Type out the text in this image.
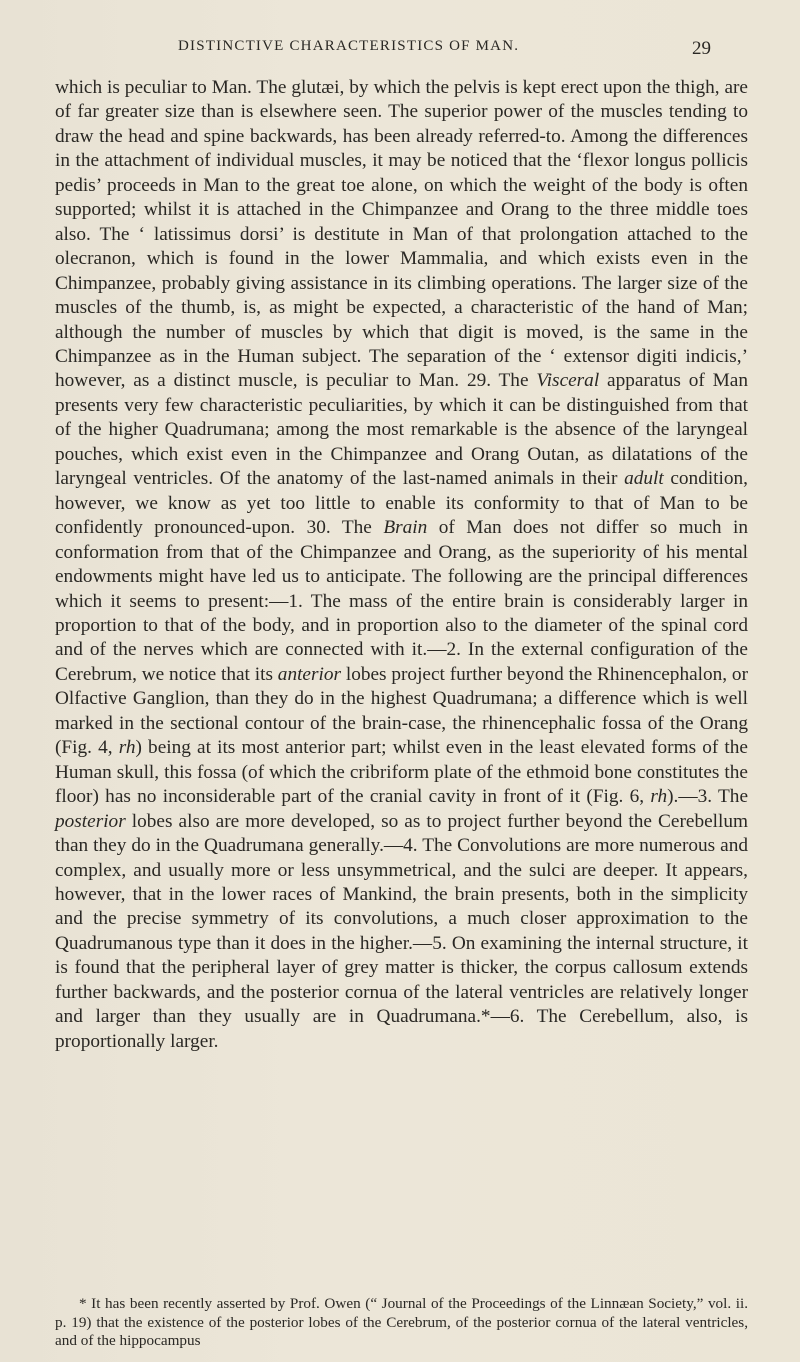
DISTINCTIVE CHARACTERISTICS OF MAN.	29

which is peculiar to Man. The glutæi, by which the pelvis is kept erect upon the thigh, are of far greater size than is elsewhere seen. The superior power of the muscles tending to draw the head and spine backwards, has been already referred-to. Among the differences in the attachment of individual muscles, it may be noticed that the ‘flexor longus pollicis pedis’ proceeds in Man to the great toe alone, on which the weight of the body is often supported; whilst it is attached in the Chimpanzee and Orang to the three middle toes also. The ‘ latissimus dorsi’ is destitute in Man of that prolongation attached to the olecranon, which is found in the lower Mammalia, and which exists even in the Chimpanzee, probably giving assistance in its climbing operations. The larger size of the muscles of the thumb, is, as might be expected, a characteristic of the hand of Man; although the number of muscles by which that digit is moved, is the same in the Chimpanzee as in the Human subject. The separation of the ‘ extensor digiti indicis,’ however, as a distinct muscle, is peculiar to Man. 29. The Visceral apparatus of Man presents very few characteristic peculiarities, by which it can be distinguished from that of the higher Quadrumana; among the most remarkable is the absence of the laryngeal pouches, which exist even in the Chimpanzee and Orang Outan, as dilatations of the laryngeal ventricles. Of the anatomy of the last-named animals in their adult condition, however, we know as yet too little to enable its conformity to that of Man to be confidently pronounced-upon. 30. The Brain of Man does not differ so much in conformation from that of the Chimpanzee and Orang, as the superiority of his mental endowments might have led us to anticipate. The following are the principal differences which it seems to present:—1. The mass of the entire brain is considerably larger in proportion to that of the body, and in proportion also to the diameter of the spinal cord and of the nerves which are connected with it.—2. In the external configuration of the Cerebrum, we notice that its anterior lobes project further beyond the Rhinencephalon, or Olfactive Ganglion, than they do in the highest Quadrumana; a difference which is well marked in the sectional contour of the brain-case, the rhinencephalic fossa of the Orang (Fig. 4, rh) being at its most anterior part; whilst even in the least elevated forms of the Human skull, this fossa (of which the cribriform plate of the ethmoid bone constitutes the floor) has no inconsiderable part of the cranial cavity in front of it (Fig. 6, rh).—3. The posterior lobes also are more developed, so as to project further beyond the Cerebellum than they do in the Quadrumana generally.—4. The Convolutions are more numerous and complex, and usually more or less unsymmetrical, and the sulci are deeper. It appears, however, that in the lower races of Mankind, the brain presents, both in the simplicity and the precise symmetry of its convolutions, a much closer approximation to the Quadrumanous type than it does in the higher.—5. On examining the internal structure, it is found that the peripheral layer of grey matter is thicker, the corpus callosum extends further backwards, and the posterior cornua of the lateral ventricles are relatively longer and larger than they usually are in Quadrumana.*—6. The Cerebellum, also, is proportionally larger.

* It has been recently asserted by Prof. Owen (“ Journal of the Proceedings of the Linnæan Society,” vol. ii. p. 19) that the existence of the posterior lobes of the Cerebrum, of the posterior cornua of the lateral ventricles, and of the hippocampus
